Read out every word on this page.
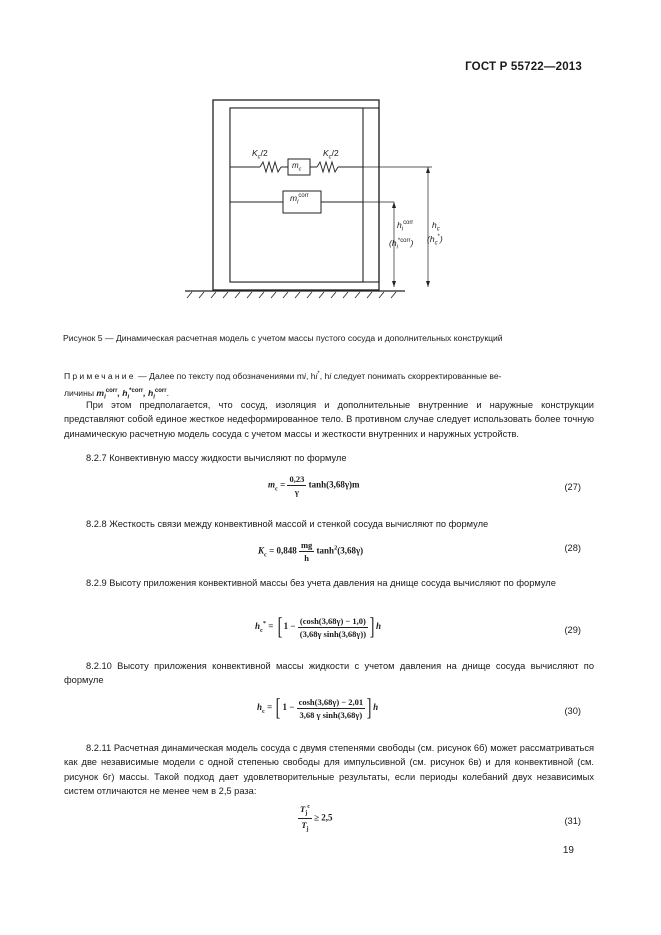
ГОСТ Р 55722—2013
$K_c/2$	$K_c/2$
$m_c$
$m_i^{corr}$
$h_i^{corr}$
$(h_i^{*corr})$
$h_c$
$(h_c^*)$
Рисунок 5 — Динамическая расчетная модель с учетом массы пустого сосуда и дополнительных конструкций
Примечание — Далее по тексту под обозначениями mi, hi*, hi следует понимать скорректированные ве-
личины $m_i^{corr}$, $h_i^{*corr}$, $h_i^{corr}$.
При этом предполагается, что сосуд, изоляция и дополнительные внутренние и наружные конструкции представляют собой единое жесткое недеформированное тело. В противном случае следует использовать более точную динамическую расчетную модель сосуда с учетом массы и жесткости внутренних и наружных устройств.
8.2.7 Конвективную массу жидкости вычисляют по формуле
$m_c = \frac{0,23}{\gamma} \tanh(3,68\gamma)m$	(27)
8.2.8 Жесткость связи между конвективной массой и стенкой сосуда вычисляют по формуле
$K_c = 0,848 \frac{mg}{h} \tanh^2(3,68\gamma)$	(28)
8.2.9 Высоту приложения конвективной массы без учета давления на днище сосуда вычисляют по формуле
$h_c^*$ = [ $1 - \frac{(\cosh(3,68\gamma) - 1,0)}{\text{(3,68γ sinh(3,68γ))}}$ ] h	(29)
8.2.10 Высоту приложения конвективной массы жидкости с учетом давления на днище сосуда вычисляют по формуле
$h_c$ = [ $1 - \frac{\cosh(3,68\gamma) - 2,01}{\text{3,68 γ sinh(3,68γ)}}$ ] h	(30)
8.2.11 Расчетная динамическая модель сосуда с двумя степенями свободы (см. рисунок 6б) может рассматриваться как две независимые модели с одной степенью свободы для импульсивной (см. рисунок 6в) и для конвективной (см. рисунок 6г) массы. Такой подход дает удовлетворительные результаты, если периоды колебаний двух независимых систем отличаются не менее чем в 2,5 раза:
$\frac{T_j^c}{T_j} \ge 2,5$	(31)
19
